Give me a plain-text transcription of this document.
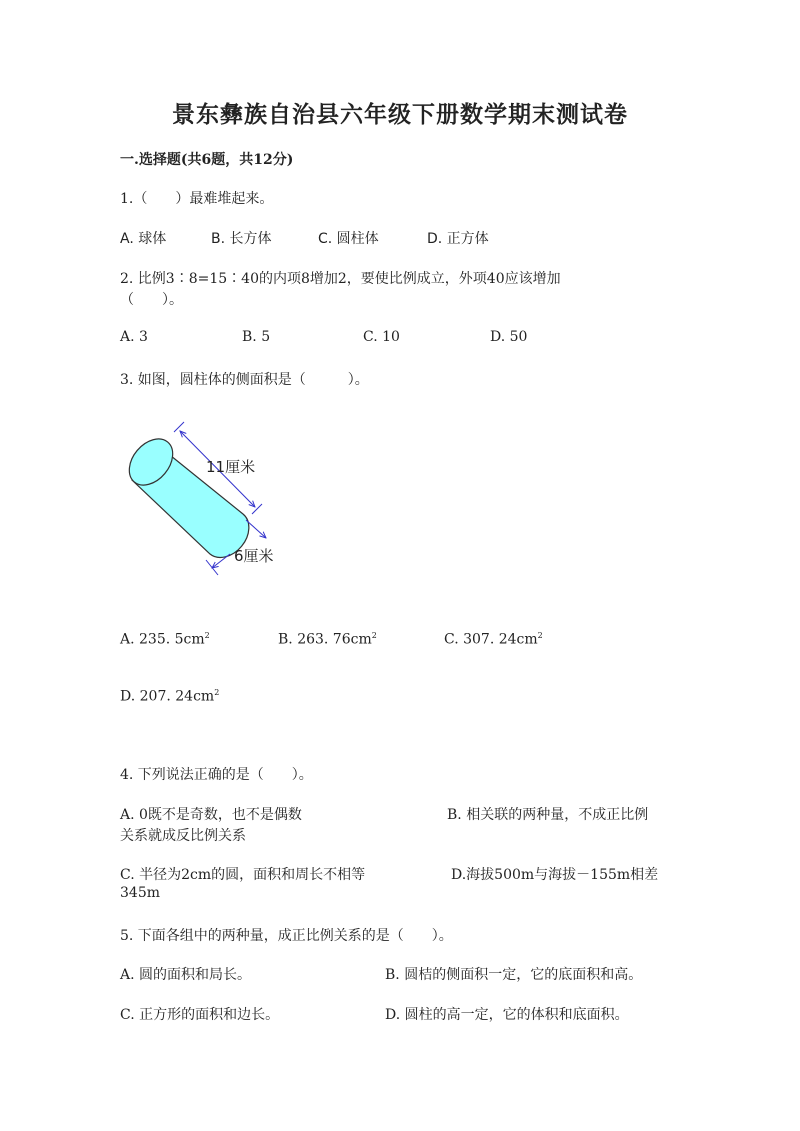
景东彝族自治县六年级下册数学期末测试卷
一.选择题(共6题，共12分)
1.（　　）最难堆起来。
A. 球体	B. 长方体	C. 圆柱体	D. 正方体
2. 比例3∶8=15∶40的内项8增加2，要使比例成立，外项40应该增加
（　　）。
A. 3	B. 5	C. 10	D. 50
3. 如图，圆柱体的侧面积是（　　　）。
11厘米
6厘米
A. 235. $5cm^2$	B. 263. $76cm^2$	C. 307. $24cm^2$
D. 207. $24cm^2$
4. 下列说法正确的是（　　）。
A. 0既不是奇数，也不是偶数	B. 相关联的两种量，不成正比例
关系就成反比例关系
C. 半径为2cm的圆，面积和周长不相等	D.海拔500m与海拔－155m相差
345m
5. 下面各组中的两种量，成正比例关系的是（　　）。
A. 圆的面积和局长。	B. 圆桔的侧面积一定，它的底面积和高。
C. 正方形的面积和边长。	D. 圆柱的高一定，它的体积和底面积。
